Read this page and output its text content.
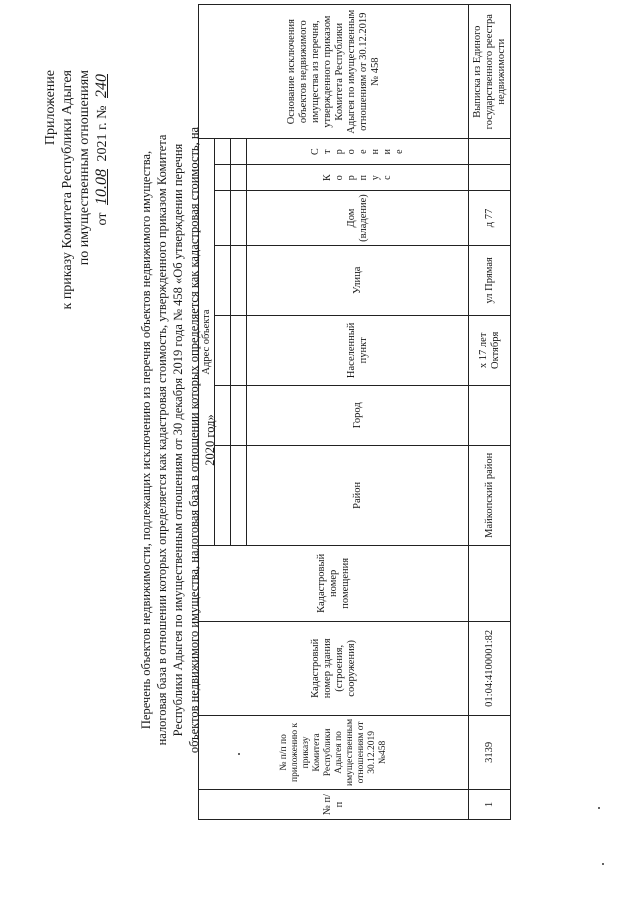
Приложение к приказу Комитета Республики Адыгея по имущественным отношениям от 10.08 2021 г. № 240
Перечень объектов недвижимости, подлежащих исключению из перечня объектов недвижимого имущества, налоговая база в отношении которых определяется как кадастровая стоимость, утвержденного приказом Комитета Республики Адыгея по имущественным отношениям от 30 декабря 2019 года № 458 «Об утверждении перечня объектов недвижимого имущества, налоговая база в отношении которых определяется как кадастровая стоимость, на 2020 год»
№ п/п	№ п/п по приложению к приказу Комитета Республики Адыгея по имущественным отношениям от 30.12.2019 №458	Кадастровый номер здания (строения, сооружения)	Кадастровый номер помещения	Адрес объекта							Основание исключения объектов недвижимого имущества из перечня, утвержденного приказом Комитета Республики Адыгея по имущественным отношениям от 30.12.2019 № 458

				Район	Город	Населенный пункт	Улица	Дом (владение)	Корпус	Строение	
1	3139	01:04:4100001:82		Майкопский район		х 17 лет Октября	ул Прямая	д 77			Выписка из Единого государственного реестра недвижимости
